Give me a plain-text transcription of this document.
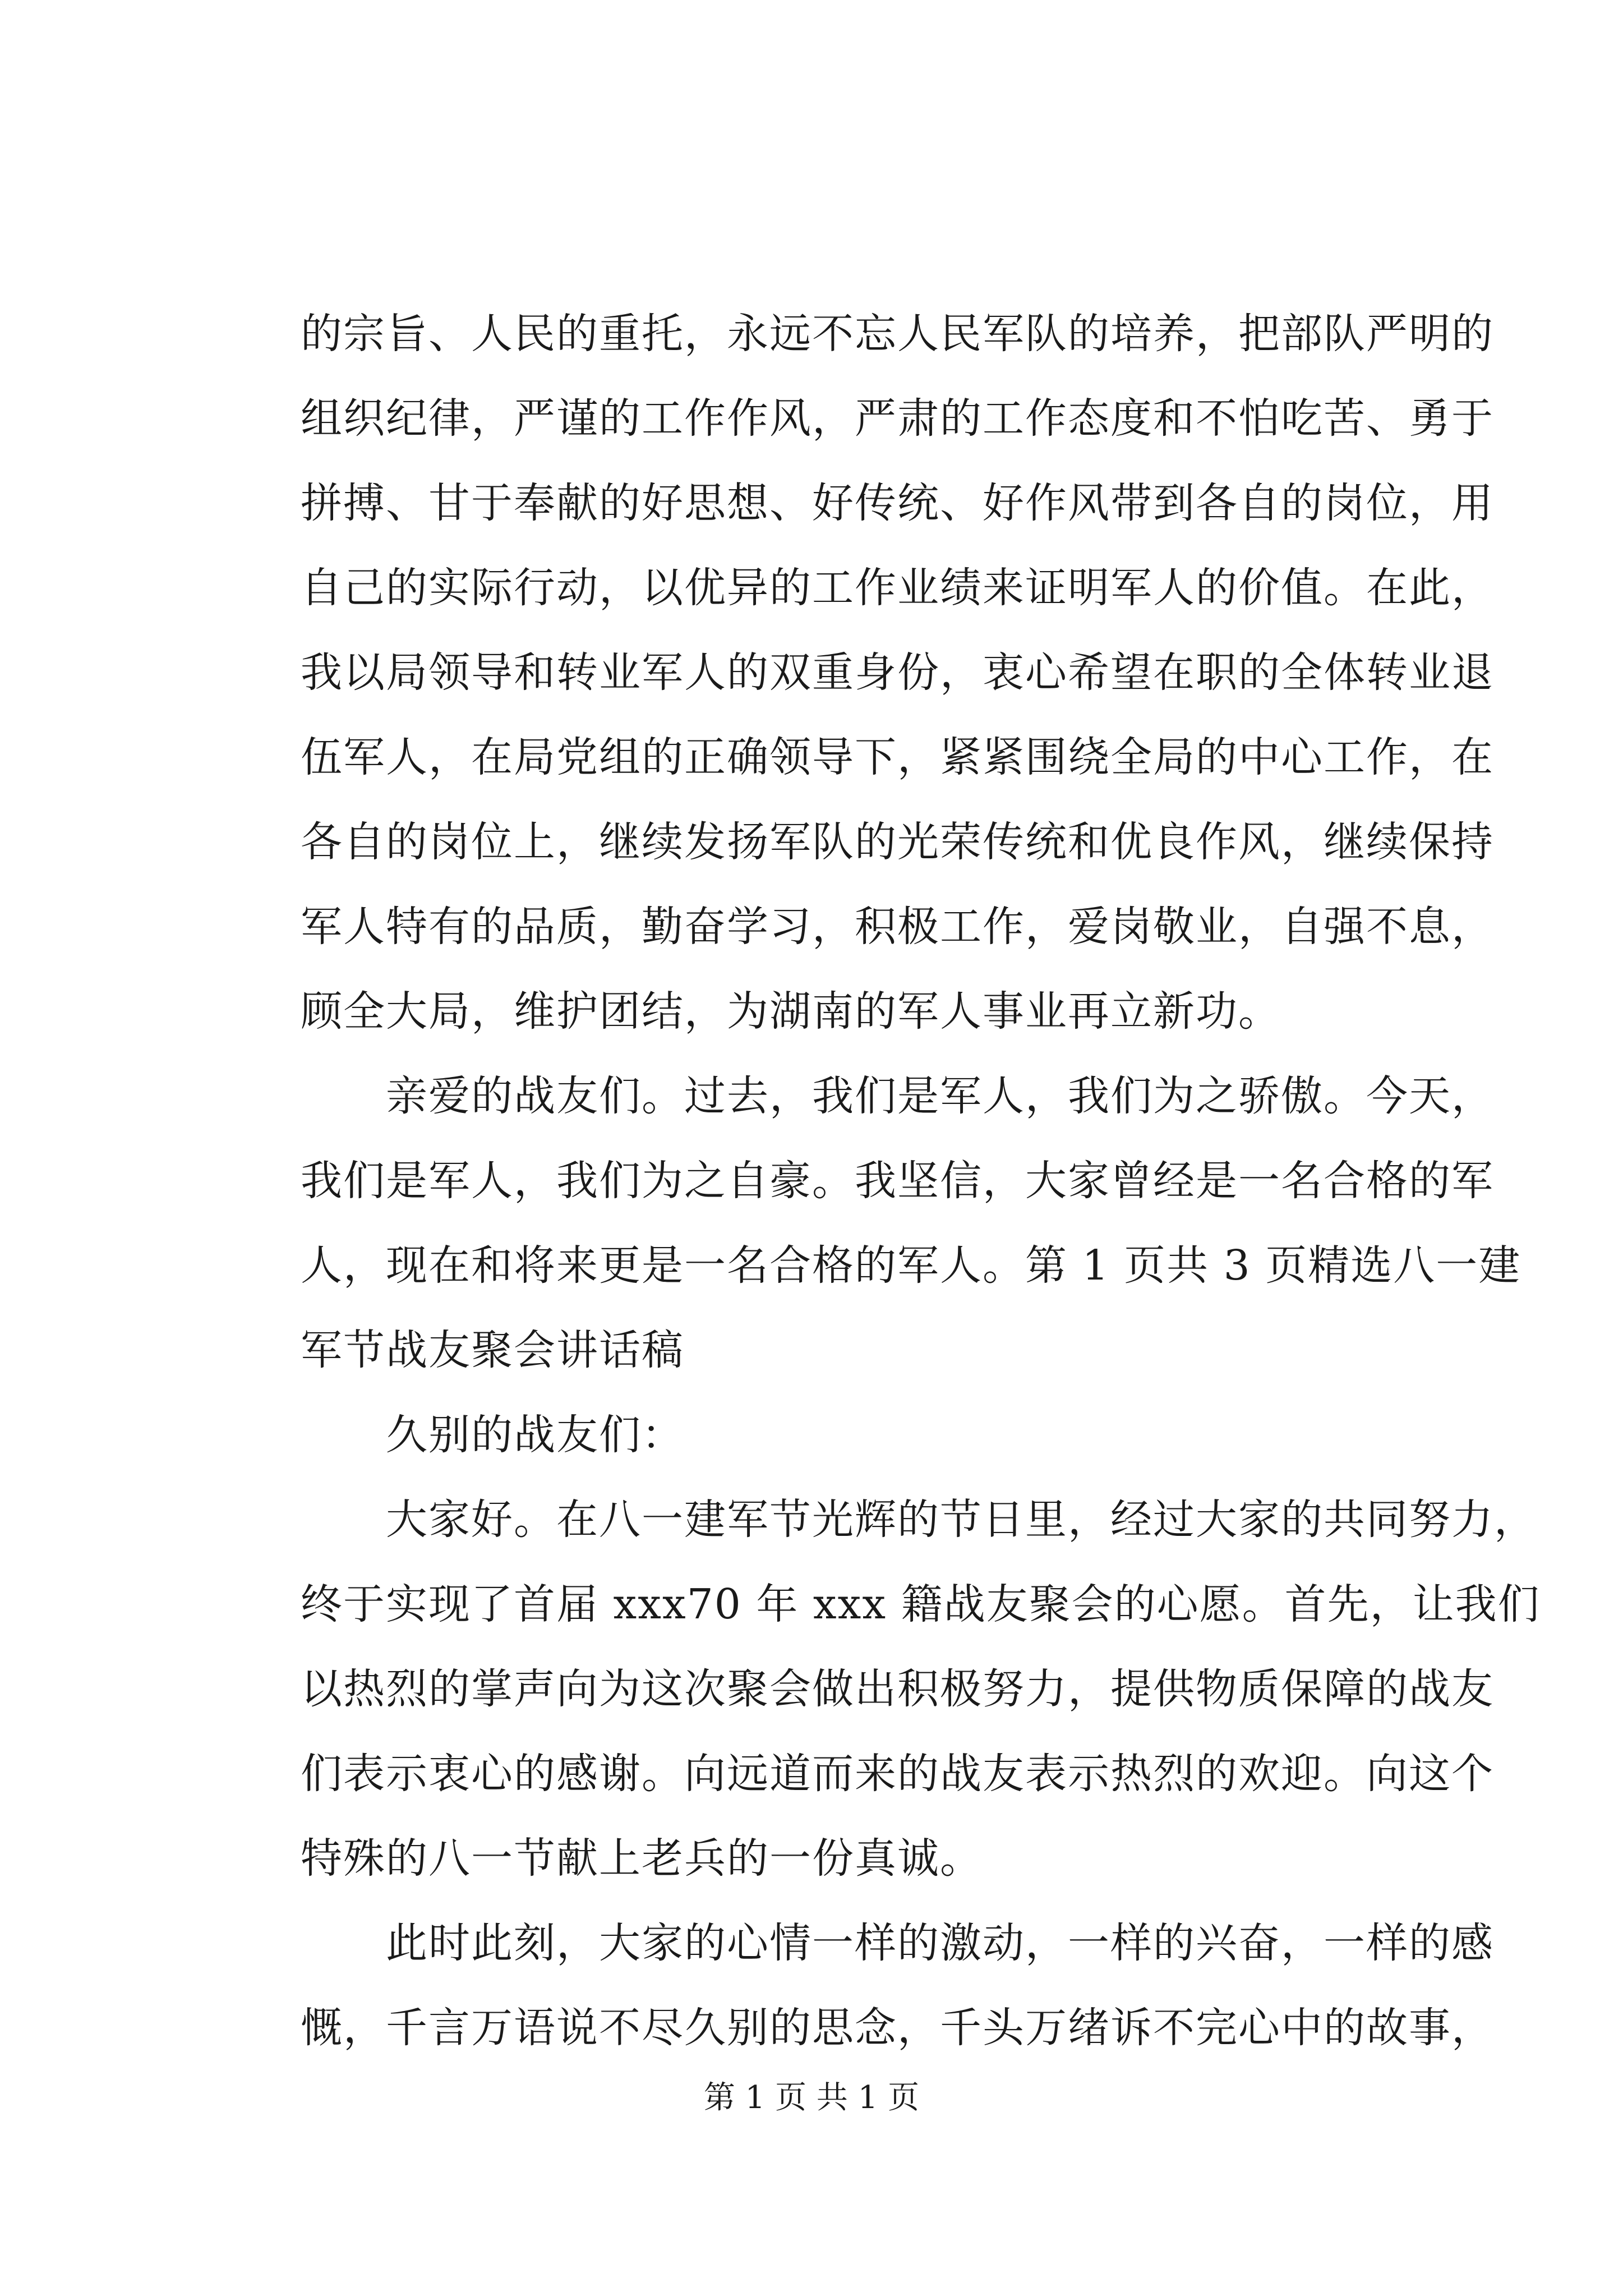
的宗旨、人民的重托，永远不忘人民军队的培养，把部队严明的
组织纪律，严谨的工作作风，严肃的工作态度和不怕吃苦、勇于
拼搏、甘于奉献的好思想、好传统、好作风带到各自的岗位，用
自己的实际行动，以优异的工作业绩来证明军人的价值。在此，
我以局领导和转业军人的双重身份，衷心希望在职的全体转业退
伍军人，在局党组的正确领导下，紧紧围绕全局的中心工作，在
各自的岗位上，继续发扬军队的光荣传统和优良作风，继续保持
军人特有的品质，勤奋学习，积极工作，爱岗敬业，自强不息，
顾全大局，维护团结，为湖南的军人事业再立新功。
亲爱的战友们。过去，我们是军人，我们为之骄傲。今天，
我们是军人，我们为之自豪。我坚信，大家曾经是一名合格的军
人，现在和将来更是一名合格的军人。第 1 页共 3 页精选八一建
军节战友聚会讲话稿
久别的战友们：
大家好。在八一建军节光辉的节日里，经过大家的共同努力，
终于实现了首届 xxx70 年 xxx 籍战友聚会的心愿。首先，让我们
以热烈的掌声向为这次聚会做出积极努力，提供物质保障的战友
们表示衷心的感谢。向远道而来的战友表示热烈的欢迎。向这个
特殊的八一节献上老兵的一份真诚。
此时此刻，大家的心情一样的激动，一样的兴奋，一样的感
慨，千言万语说不尽久别的思念，千头万绪诉不完心中的故事，
第 1 页 共 1 页
